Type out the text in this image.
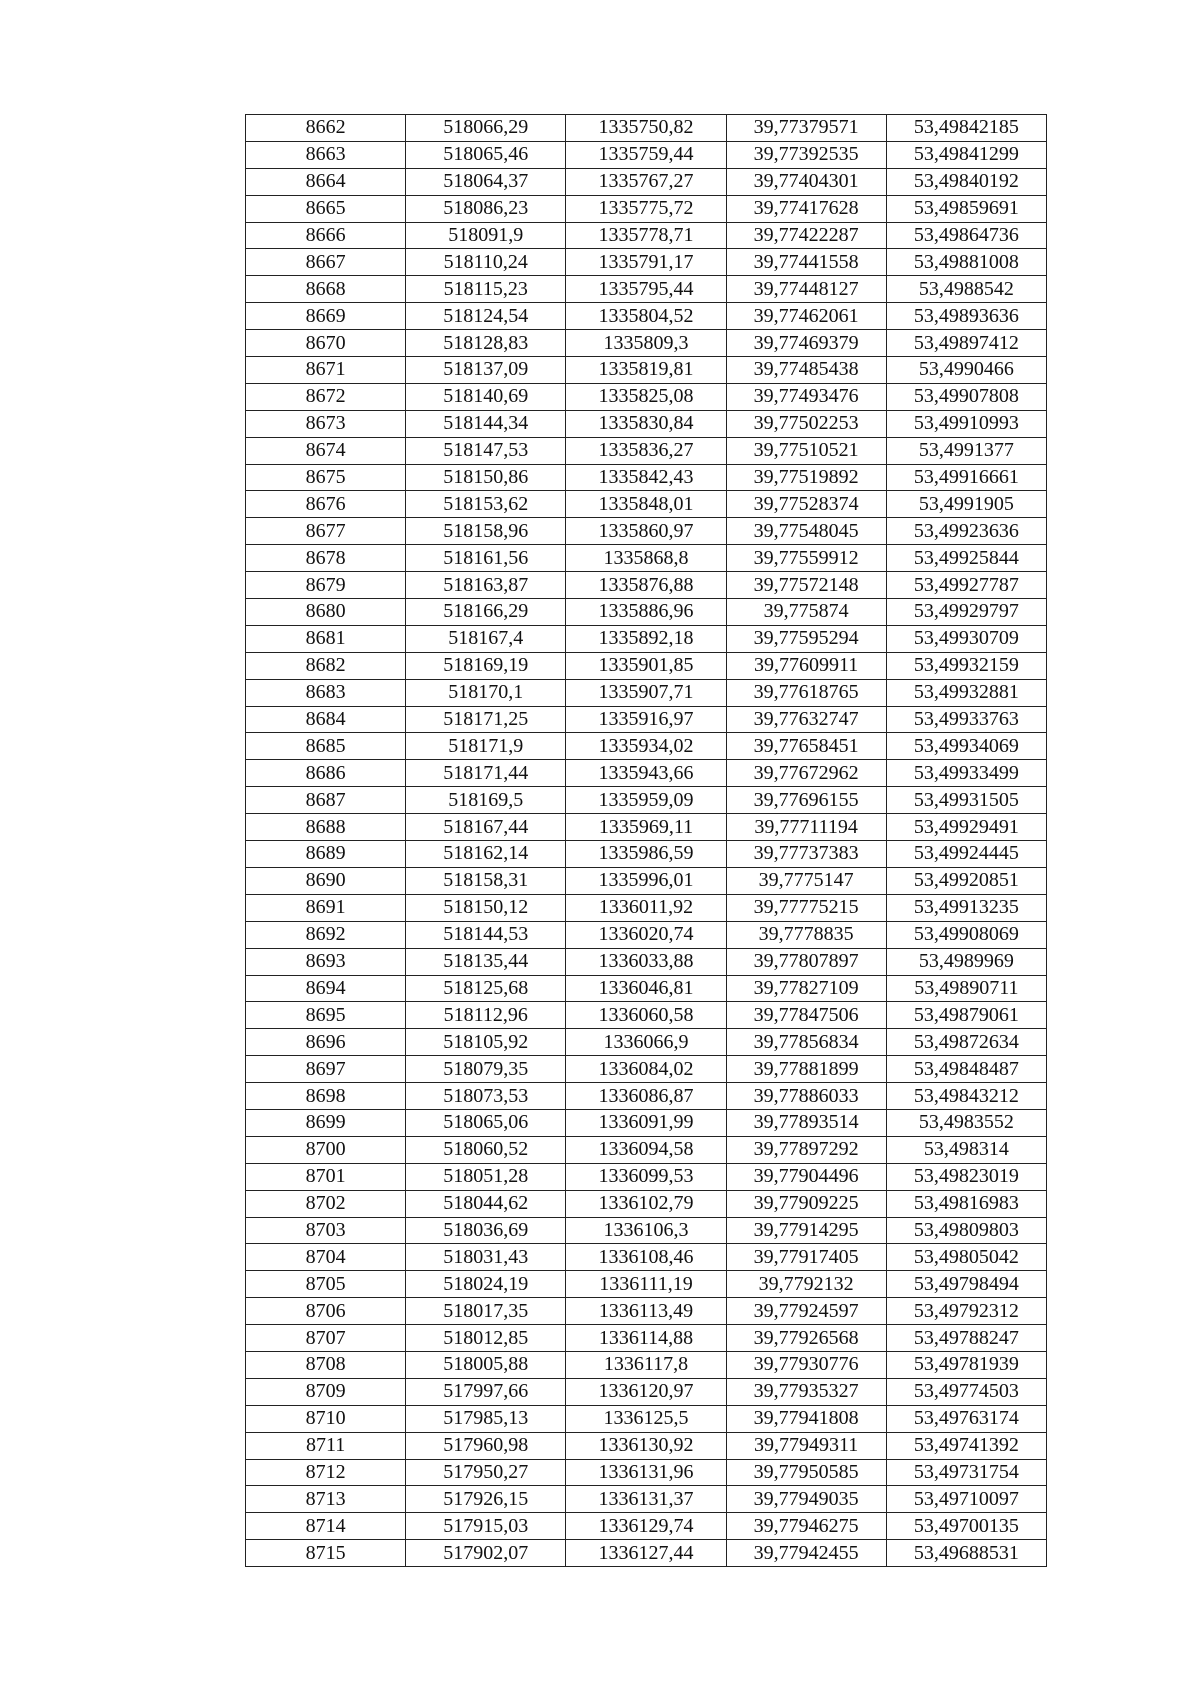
8662	518066,29	1335750,82	39,77379571	53,49842185
8663	518065,46	1335759,44	39,77392535	53,49841299
8664	518064,37	1335767,27	39,77404301	53,49840192
8665	518086,23	1335775,72	39,77417628	53,49859691
8666	518091,9	1335778,71	39,77422287	53,49864736
8667	518110,24	1335791,17	39,77441558	53,49881008
8668	518115,23	1335795,44	39,77448127	53,4988542
8669	518124,54	1335804,52	39,77462061	53,49893636
8670	518128,83	1335809,3	39,77469379	53,49897412
8671	518137,09	1335819,81	39,77485438	53,4990466
8672	518140,69	1335825,08	39,77493476	53,49907808
8673	518144,34	1335830,84	39,77502253	53,49910993
8674	518147,53	1335836,27	39,77510521	53,4991377
8675	518150,86	1335842,43	39,77519892	53,49916661
8676	518153,62	1335848,01	39,77528374	53,4991905
8677	518158,96	1335860,97	39,77548045	53,49923636
8678	518161,56	1335868,8	39,77559912	53,49925844
8679	518163,87	1335876,88	39,77572148	53,49927787
8680	518166,29	1335886,96	39,775874	53,49929797
8681	518167,4	1335892,18	39,77595294	53,49930709
8682	518169,19	1335901,85	39,77609911	53,49932159
8683	518170,1	1335907,71	39,77618765	53,49932881
8684	518171,25	1335916,97	39,77632747	53,49933763
8685	518171,9	1335934,02	39,77658451	53,49934069
8686	518171,44	1335943,66	39,77672962	53,49933499
8687	518169,5	1335959,09	39,77696155	53,49931505
8688	518167,44	1335969,11	39,77711194	53,49929491
8689	518162,14	1335986,59	39,77737383	53,49924445
8690	518158,31	1335996,01	39,7775147	53,49920851
8691	518150,12	1336011,92	39,77775215	53,49913235
8692	518144,53	1336020,74	39,7778835	53,49908069
8693	518135,44	1336033,88	39,77807897	53,4989969
8694	518125,68	1336046,81	39,77827109	53,49890711
8695	518112,96	1336060,58	39,77847506	53,49879061
8696	518105,92	1336066,9	39,77856834	53,49872634
8697	518079,35	1336084,02	39,77881899	53,49848487
8698	518073,53	1336086,87	39,77886033	53,49843212
8699	518065,06	1336091,99	39,77893514	53,4983552
8700	518060,52	1336094,58	39,77897292	53,498314
8701	518051,28	1336099,53	39,77904496	53,49823019
8702	518044,62	1336102,79	39,77909225	53,49816983
8703	518036,69	1336106,3	39,77914295	53,49809803
8704	518031,43	1336108,46	39,77917405	53,49805042
8705	518024,19	1336111,19	39,7792132	53,49798494
8706	518017,35	1336113,49	39,77924597	53,49792312
8707	518012,85	1336114,88	39,77926568	53,49788247
8708	518005,88	1336117,8	39,77930776	53,49781939
8709	517997,66	1336120,97	39,77935327	53,49774503
8710	517985,13	1336125,5	39,77941808	53,49763174
8711	517960,98	1336130,92	39,77949311	53,49741392
8712	517950,27	1336131,96	39,77950585	53,49731754
8713	517926,15	1336131,37	39,77949035	53,49710097
8714	517915,03	1336129,74	39,77946275	53,49700135
8715	517902,07	1336127,44	39,77942455	53,49688531
